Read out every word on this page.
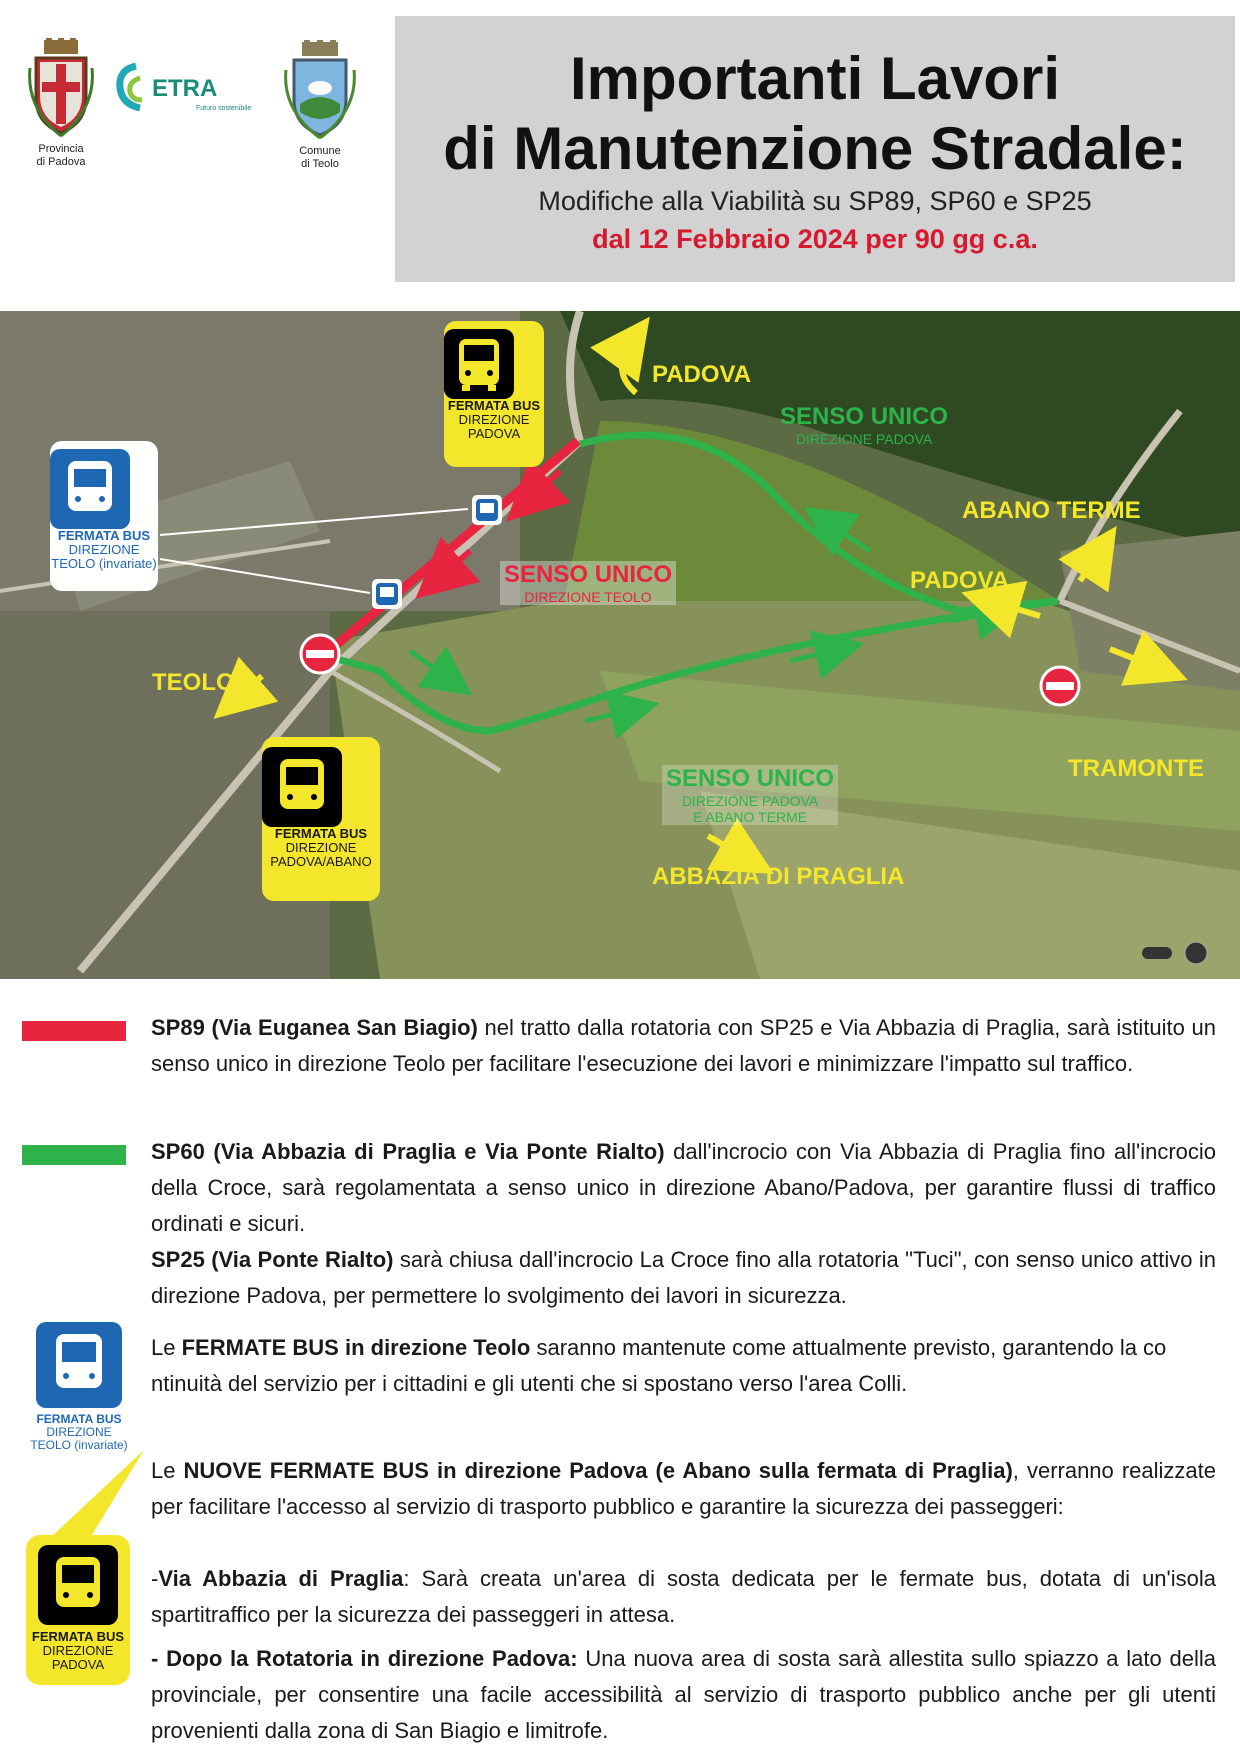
Provincia
di Padova
ETRA
Futuro sostenibile
Comune
di Teolo
Importanti Lavori
di Manutenzione Stradale:
Modifiche alla Viabilità su SP89, SP60 e SP25
dal 12 Febbraio 2024 per 90 gg c.a.
PADOVA
ABANO TERME
PADOVA
TEOLO
TRAMONTE
ABBAZIA DI PRAGLIA
SENSO UNICO
DIREZIONE TEOLO
SENSO UNICO
DIREZIONE PADOVA
SENSO UNICO
DIREZIONE PADOVA
E ABANO TERME
FERMATA BUS
DIREZIONE
PADOVA
FERMATA BUS
DIREZIONE
TEOLO (invariate)
FERMATA BUS
DIREZIONE
PADOVA/ABANO
SP89 (Via Euganea San Biagio) nel tratto dalla rotatoria con SP25 e Via Abbazia di Praglia, sarà istituito un senso unico in direzione Teolo per facilitare l'esecuzione dei lavori e minimizzare l'impatto sul traffico.
SP60 (Via Abbazia di Praglia e Via Ponte Rialto) dall'incrocio con Via Abbazia di Praglia fino all'incrocio della Croce, sarà regolamentata a senso unico in direzione Abano/Padova, per garantire flussi di traffico ordinati e sicuri.
SP25 (Via Ponte Rialto) sarà chiusa dall'incrocio La Croce fino alla rotatoria "Tuci", con senso unico attivo in direzione Padova, per permettere lo svolgimento dei lavori in sicurezza.
FERMATA BUS
DIREZIONE
TEOLO (invariate)
Le FERMATE BUS in direzione Teolo saranno mantenute come attualmente previsto, garantendo la co
ntinuità del servizio per i cittadini e gli utenti che si spostano verso l'area Colli.
FERMATA BUS
DIREZIONE
PADOVA
Le NUOVE FERMATE BUS in direzione Padova (e Abano sulla fermata di Praglia), verranno realizzate per facilitare l'accesso al servizio di trasporto pubblico e garantire la sicurezza dei passeggeri:
-Via Abbazia di Praglia: Sarà creata un'area di sosta dedicata per le fermate bus, dotata di un'isola spartitraffico per la sicurezza dei passeggeri in attesa.
- Dopo la Rotatoria in direzione Padova: Una nuova area di sosta sarà allestita sullo spiazzo a lato della provinciale, per consentire una facile accessibilità al servizio di trasporto pubblico anche per gli utenti provenienti dalla zona di San Biagio e limitrofe.
